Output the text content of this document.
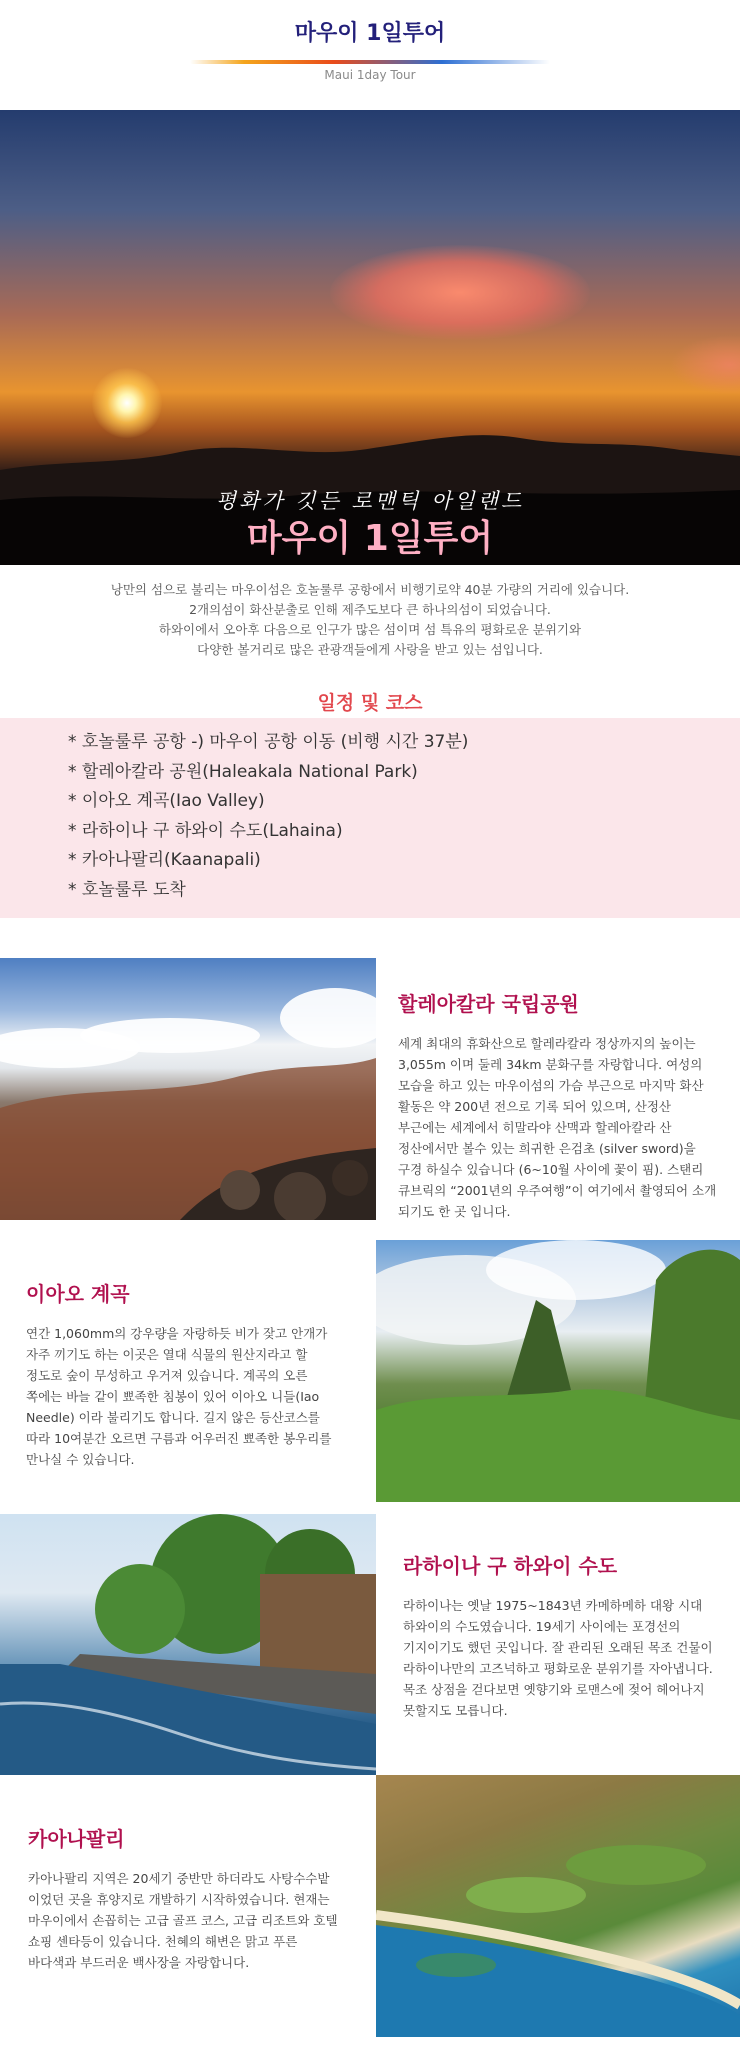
마우이 1일투어
Maui 1day Tour
평화가 깃든 로맨틱 아일랜드
마우이 1일투어
낭만의 섬으로 불리는 마우이섬은 호놀룰루 공항에서 비행기로약 40분 가량의 거리에 있습니다.
2개의섬이 화산분출로 인해 제주도보다 큰 하나의섬이 되었습니다.
하와이에서 오아후 다음으로 인구가 많은 섬이며 섬 특유의 평화로운 분위기와
다양한 볼거리로 많은 관광객들에게 사랑을 받고 있는 섬입니다.
일정 및 코스
* 호놀룰루 공항 -) 마우이 공항 이동 (비행 시간 37분)
* 할레아칼라 공원(Haleakala National Park)
* 이아오 계곡(Iao Valley)
* 라하이나 구 하와이 수도(Lahaina)
* 카아나팔리(Kaanapali)
* 호놀룰루 도착
할레아칼라 국립공원
세계 최대의 휴화산으로 할레라칼라 정상까지의 높이는
3,055m 이며 둘레 34km 분화구를 자랑합니다. 여성의
모습을 하고 있는 마우이섬의 가슴 부근으로 마지막 화산
활동은 약 200년 전으로 기록 되어 있으며, 산정산
부근에는 세계에서 히말라야 산맥과 할레아칼라 산
정산에서만 볼수 있는 희귀한 은검초 (silver sword)을
구경 하실수 있습니다 (6~10월 사이에 꽃이 핌). 스탠리
큐브릭의 “2001년의 우주여행”이 여기에서 촬영되어 소개
되기도 한 곳 입니다.
이아오 계곡
연간 1,060mm의 강우량을 자랑하듯 비가 잦고 안개가
자주 끼기도 하는 이곳은 열대 식물의 원산지라고 할
정도로 숲이 무성하고 우거져 있습니다. 계곡의 오른
쪽에는 바늘 같이 뾰족한 침봉이 있어 이아오 니들(Iao
Needle) 이라 불리기도 합니다. 길지 않은 등산코스를
따라 10여분간 오르면 구름과 어우러진 뾰족한 봉우리를
만나실 수 있습니다.
라하이나 구 하와이 수도
라하이나는 옛날 1975~1843년 카메하메하 대왕 시대
하와이의 수도였습니다. 19세기 사이에는 포경선의
기지이기도 했던 곳입니다. 잘 관리된 오래된 목조 건물이
라하이나만의 고즈넉하고 평화로운 분위기를 자아냅니다.
목조 상점을 걷다보면 옛향기와 로맨스에 젖어 헤어나지
못할지도 모릅니다.
카아나팔리
카아나팔리 지역은 20세기 중반만 하더라도 사탕수수밭
이었던 곳을 휴양지로 개발하기 시작하였습니다. 현재는
마우이에서 손꼽히는 고급 골프 코스, 고급 리조트와 호텔
쇼핑 센타등이 있습니다. 천혜의 해변은 맑고 푸른
바다색과 부드러운 백사장을 자랑합니다.
